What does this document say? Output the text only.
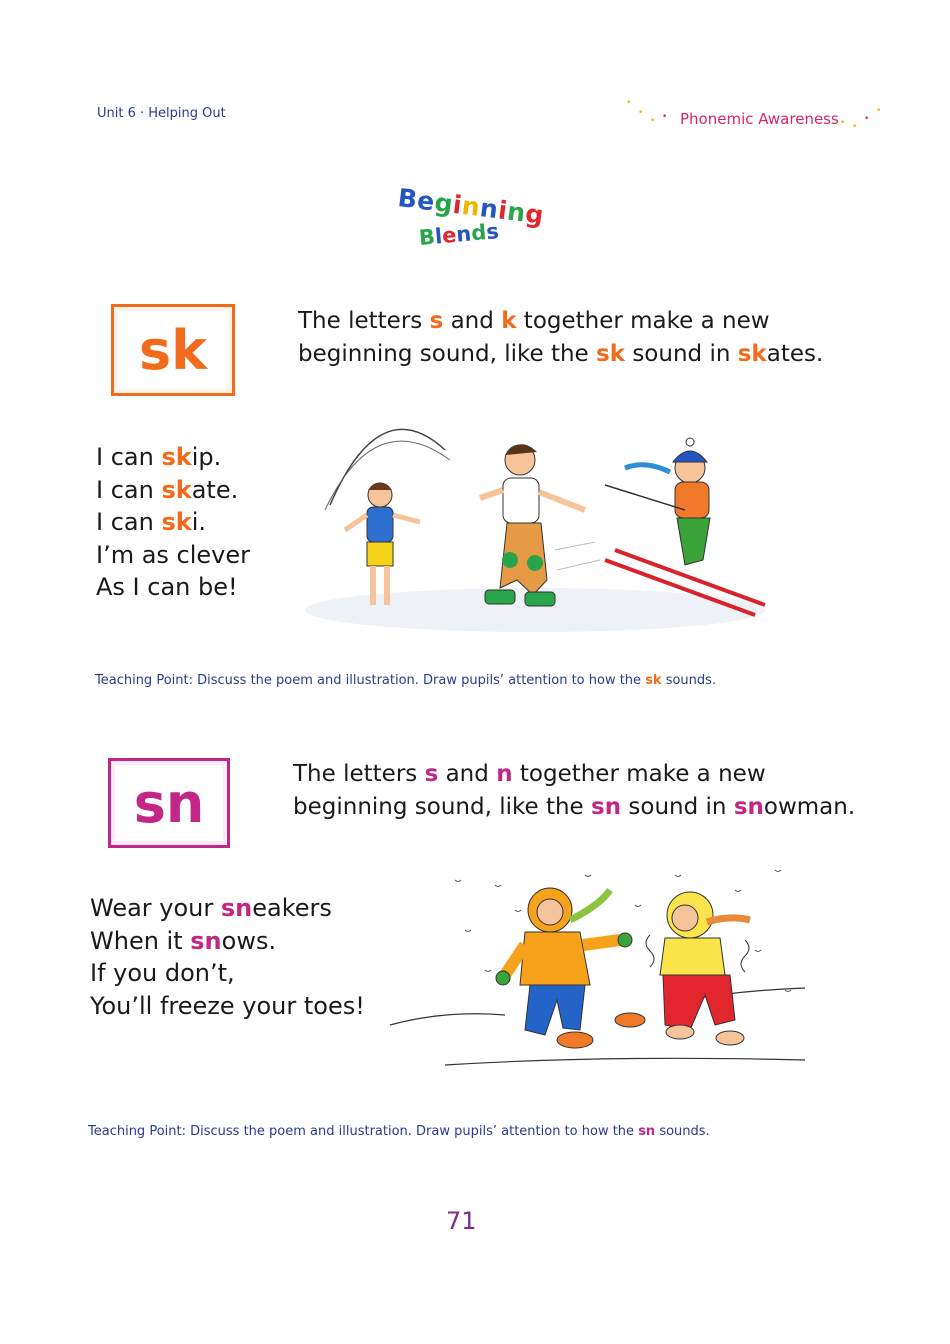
Unit 6 · Helping Out
•
•
• • Phonemic Awareness • •
•
•
Beginning
Blends
sk	The letters s and k together make a new beginning sound, like the sk sound in skates.
I can skip.
I can skate.
I can ski.
I’m as clever
As I can be!
Teaching Point: Discuss the poem and illustration. Draw pupils’ attention to how the sk sounds.
sn	The letters s and n together make a new beginning sound, like the sn sound in snowman.
Wear your sneakers
When it snows.
If you don’t,
You’ll freeze your toes!
Teaching Point: Discuss the poem and illustration. Draw pupils’ attention to how the sn sounds.
71
